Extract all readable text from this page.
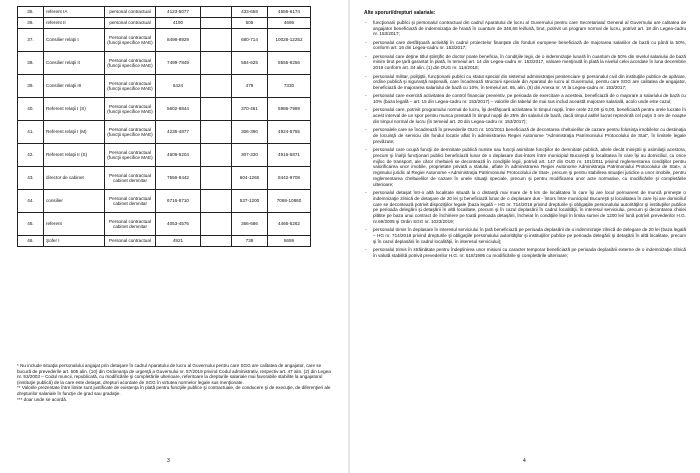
35.	referent IA	personal contractual	4123-5077		433-658	4556-6174
36.	referent II	personal contractual	4190		505	4695
37.	Consilier relaţii I	Personal contractual (funcţii specifice MAE)	8498-8929		680-714	10028-12252
38.	Consilier relaţii II	Personal contractual (funcţii specifice MAE)	7499-7849		584-625	8555-9256
39.	Consilier relaţii III	Personal contractual (funcţii specifice MAE)	6424		479	7330
40.	Referent relaţii I (S)	Personal contractual (funcţii specifice MAE)	5602-6844		370-461	5986-7989
41.	Referent relaţii I (M)	Personal contractual (funcţii specifice MAE)	4235-4877		306-390	4924-5755
42.	Referent relaţii II (S)	Personal contractual (funcţii specifice MAE)	4609-5204		307-330	4916-5871
43.	director de cabinet	Personal contractual cabinet demnitar	7556-8442		604-1266	8442-9708
44.	consilier	Personal contractual cabinet demnitar	6716-8710		537-1200	7068-10860
45.	referent	Personal contractual cabinet demnitar	4053-4576		366-686	4466-5262
46.	Şofer I	Personal contractual	4921		738	5659

* Nu include situaţia personalului angajat prin detaşare în cadrul Aparatului de lucru al Guvernului pentru care SGG are calitatea de angajator, care se bucură de prevederile art. 505 alin. (10) din Ordonanţa de urgenţă a Guvernului nr. 57/2019 privind Codul administrativ, respectiv art. 47 alin. (2) din Legea nr. 53/2003 – Codul muncii, republicată, cu modificările şi completările ulterioare, referitoare la drepturile salariale mai favorabile stabilite la angajatorul (instituţie publică) de la care este detaşat, drepturi acordate de SGG în virtutea normelor legale sus menţionate.

** Valorile prezentate între limite sunt justificate de existenţa în plată pentru funcţiile publice şi contractuale, de conducere şi de execuţie, de diferenţieri ale drepturilor salariale în funcţie de grad sau gradaţie.

*** doar unde se acordă.

3
Alte sporuri/drepturi salariale:
- funcţionarii publici şi personalul contractual din cadrul Aparatului de lucru al Guvernului pentru care Secretariatul General al Guvernului are calitatea de angajator beneficiază de indemnizaţia de hrană în cuantum de 346,66 lei/lună, brut, potrivit un program normal de lucru, potrivit art. 18 din Legea-cadru nr. 153/2017;
- personalul care desfăşoară activităţi în cadrul proiectelor finanţate din fonduri europene beneficiază de majorarea salariilor de bază cu până la 50%, conform art. 16 din Legea-cadru nr. 153/2017;
- personalul care deţine titlul ştiinţific de doctor poate beneficia, în condiţiile legii, de o indemnizaţie lunară în cuantum de 50% din nivelul salariului de bază minim brut pe ţară garantat în plată, în temeiul art. 14 din Legea-cadru nr. 153/2017, valoare menţinută în plată la nivelul celei acordate în luna decembrie 2019 conform art. 34 alin. (1) din OUG nr. 114/2018;
- personalul militar, poliţiştii, funcţionarii publici cu statut special din sistemul administraţiei penitenciare şi personalul civil din instituţiile publice de apărare, ordine publică şi siguranţă naţională, care încadrează structurii speciale din Aparatul de lucru al Guvernului, pentru care SGG are calitatea de angajator, beneficiază de majorarea salariului de bază cu 10%, în temeiul art. 65, alin. (8) din Anexa nr. VI la Legea-cadru nr. 153/2017;
- personalul care exercită activitatea de control financiar preventiv, pe perioada de exercitare a acesteia, beneficiază de o majorare a salariului de bază cu 10% (baza legală – art. 15 din Legea-cadru nr. 153/2017) – valorile din tabelul de mai sus includ această majorare salarială, acolo unde este cazul;
- personalul care, potrivit programului normal de lucru, îşi desfăşoară activitatea în timpul nopţii, între orele 22,00 şi 6,00, beneficiază pentru orele lucrate în acest interval de un spor pentru munca prestată în timpul nopţii de 25% din salariul de bază, dacă timpul astfel lucrat reprezintă cel puţin 3 ore de noapte din timpul normal de lucru (în temeiul art. 20 din Legea-cadru nr. 153/2017);
- personalele care se încadrează în prevederile OUG nr. 101/2011 beneficiază de decontarea cheltuielilor de cazare pentru folosinţa imobilelor cu destinaţia de locuinţă de serviciu din fondul locativ aflat în administrarea Regiei Autonome "Administraţia Patrimoniului Protocolului de Stat", în limitele legale prevăzute;
- personalul care ocupă funcţii de demnitate publică numite sau funcţii asimilate funcţiilor de demnitate publică, altele decât miniştrii şi asimilaţii acestora, precum şi înalţii funcţionari publici beneficiază lunar de o deplasare dus-întors între municipiul Bucureşti şi localitatea în care îşi au domiciliul, cu orice mijloc de transport, ale căror cheltuieli se decontează în condiţiile legii, potrivit art. 147 din OUG nr. 101/2011 privind reglementarea condiţiilor pentru valorificarea unor imobile, proprietate privată a statului, aflate în administrarea Regiei Autonome Administraţia Patrimoniului Protocolului de Stat», a regimului juridic al Regiei Autonome «Administraţia Patrimoniului Protocolului de Stat», precum şi pentru stabilirea situaţiei juridice a unor imobile, pentru reglementarea cheltuielilor de cazare în unele situaţii speciale, precum şi pentru modificarea unor acte normative, cu modificările şi completările ulterioare;
- personalul detaşat într-o altă localitate situată la o distanţă mai mare de 5 km de localitatea în care îşi are locul permanent de muncă primeşte o indemnizaţie zilnică de detaşare de 20 lei şi beneficiază lunar de o deplasare dus - întors între municipiul Bucureşti şi localitatea în care îşi are domiciliul care se decontează potrivit dispoziţiilor legale (baza legală – HG nr. 714/2018 privind drepturile şi obligaţiile personalului autorităţilor şi instituţiilor publice pe perioada delegării şi detaşării în altă localitate, precum şi în cazul deplasării în cadrul localităţii, în interesul serviciului, precum şi decontarea chiriei plătite pe baza unui contract de închiriere pe toată perioada detaşării, încheiat în condiţiile legii în limita sumei de 1200 lei/ lună potrivit prevederilor H.G. nr.69/2005 şi Ordin SGG nr. 1023/2019;
- personalul trimis în deplasare în interesul serviciului în ţară beneficiază pe perioada deplasării de o indemnizaţie zilnică de delegare de 20 lei (baza legală – HG nr. 714/2018 privind drepturile şi obligaţiile personalului autorităţilor şi instituţiilor publice pe perioada delegării şi detaşării în altă localitate, precum şi în cazul deplasării în cadrul localităţii, în interesul serviciului);
- personalul trimis în străinătate pentru îndeplinirea unor misiuni cu caracter temporar beneficiază pe perioada deplasării externe de o indemnizaţie zilnică în valută stabilită potrivit prevederilor H.G. nr. 518/1995 cu modificările şi completările ulterioare;
4
